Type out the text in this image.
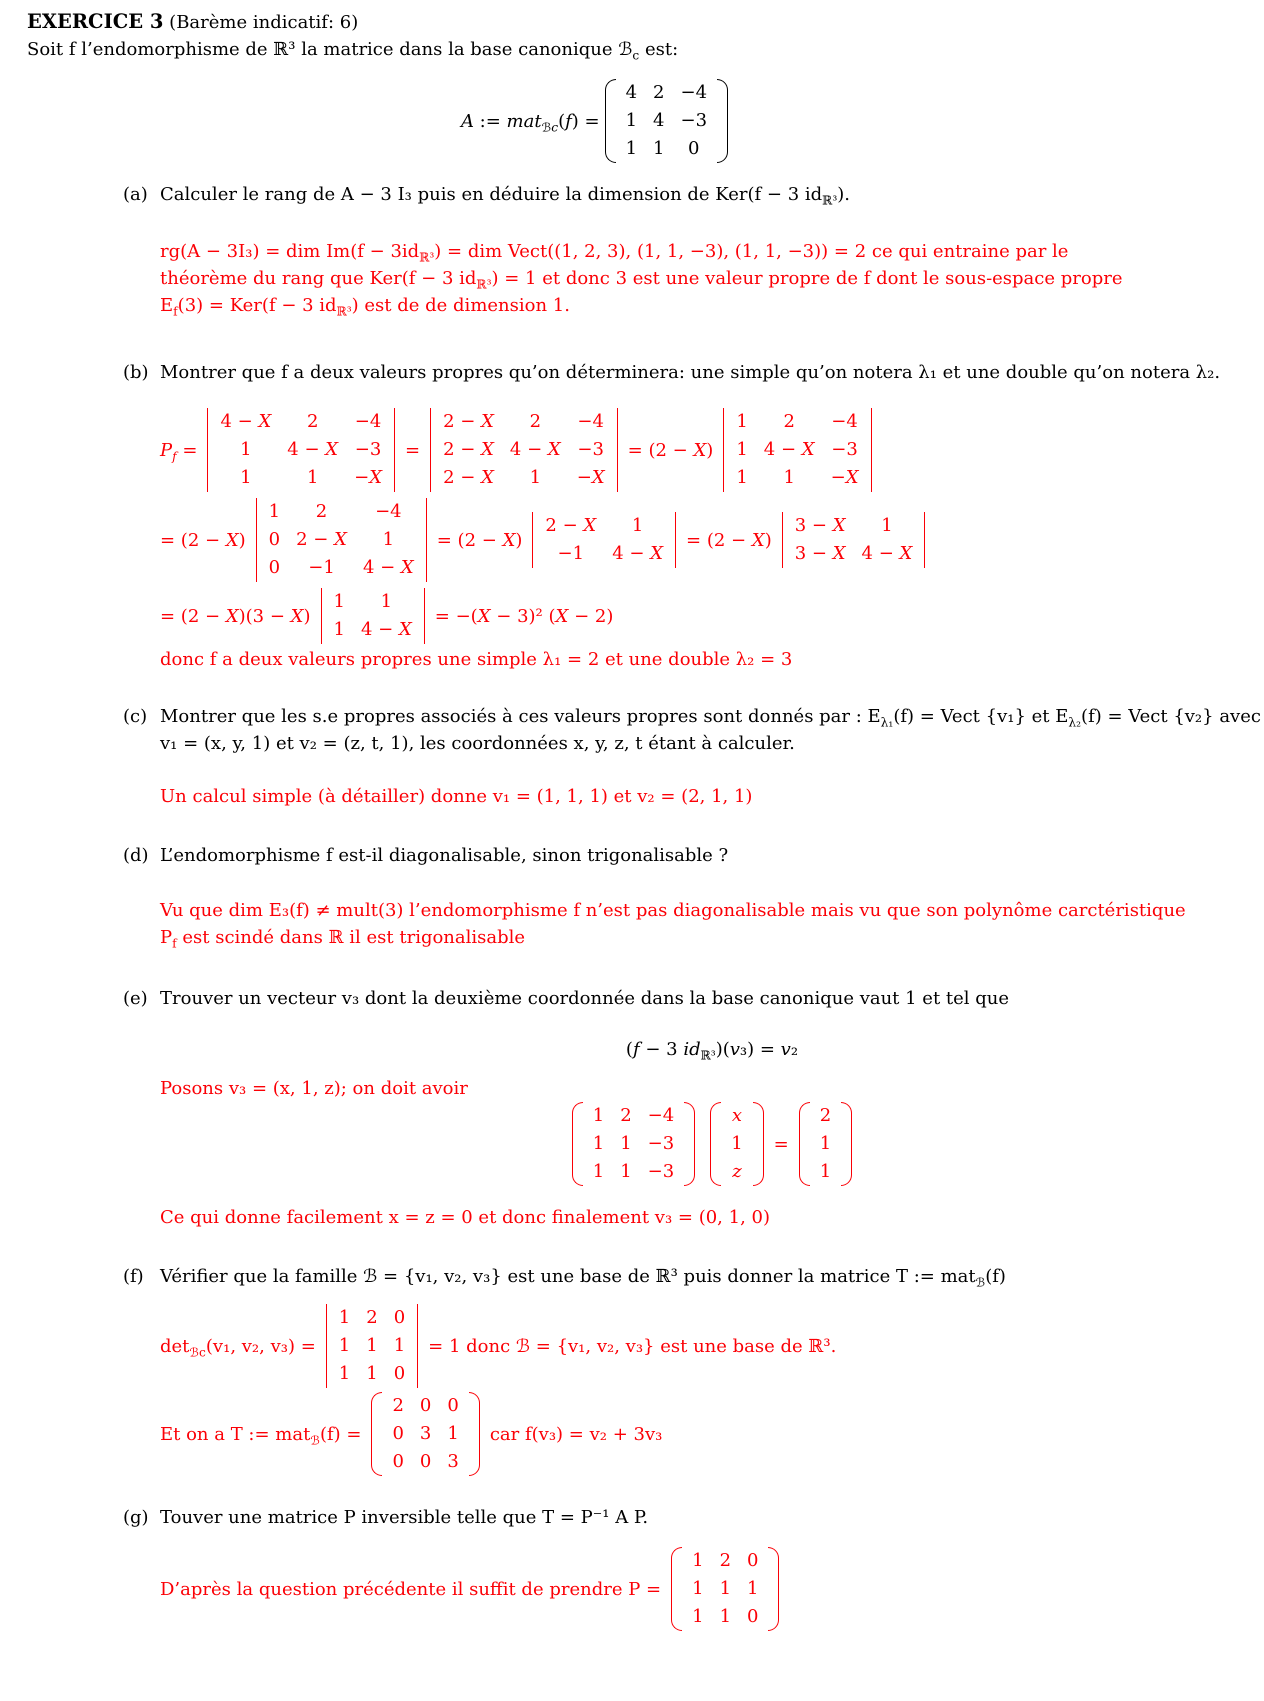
EXERCICE 3 (Barème indicatif: 6)
Soit f l’endomorphisme de ℝ³ la matrice dans la base canonique ℬ$_c$ est:
A := mat$_{ℬc}$(f) =
4	2	−4
1	4	−3
1	1	0
(a) Calculer le rang de A − 3 I₃ puis en déduire la dimension de Ker(f − 3 $id_{ℝ^3}$).
rg(A − 3I₃) = dim $Im(f - 3id_{ℝ^3})$ = dim Vect((1, 2, 3), (1, 1, −3), (1, 1, −3)) = 2 ce qui entraine par le théorème du rang que Ker(f − 3 $id_{ℝ^3}) = 1$ et donc 3 est une valeur propre de f dont le sous-espace propre $E_f(3) = Ker(f - 3$ $id_{ℝ^3}$) est de de dimension 1.
(b) Montrer que f a deux valeurs propres qu’on déterminera: une simple qu’on notera λ₁ et une double qu’on notera λ₂.
$P_f$ =
4 − X	2	−4
1	4 − X	−3
1	1	−X
=
2 − X	2	−4
2 − X	4 − X	−3
2 − X	1	−X
= (2 − X)
1	2	−4
1	4 − X	−3
1	1	−X
= (2 − X)
1	2	−4
0	2 − X	1
0	−1	4 − X
= (2 − X)
2 − X	1
−1	4 − X
= (2 − X)
3 − X	1
3 − X	4 − X
= (2 − X)(3 − X)
1	1
1	4 − X
= −(X − 3)² (X − 2)
donc f a deux valeurs propres une simple λ₁ = 2 et une double λ₂ = 3
(c) Montrer que les s.e propres associés à ces valeurs propres sont donnés par : $E_{\lambda_1}(f)$ = Vect {v₁} et $E_{\lambda_2}(f)$ = Vect {v₂} avec v₁ = (x, y, 1) et v₂ = (z, t, 1), les coordonnées x, y, z, t étant à calculer.
Un calcul simple (à détailler) donne v₁ = (1, 1, 1) et v₂ = (2, 1, 1)
(d) L’endomorphisme f est-il diagonalisable, sinon trigonalisable ?
Vu que dim E₃(f) ≠ mult(3) l’endomorphisme f n’est pas diagonalisable mais vu que son polynôme carctéristique
$P_f$ est scindé dans ℝ il est trigonalisable
(e) Trouver un vecteur v₃ dont la deuxième coordonnée dans la base canonique vaut 1 et tel que
(f − 3 $id_{ℝ^3})(v_3) = v_2$
Posons v₃ = (x, 1, z); on doit avoir
1	2	−4
1	1	−3
1	1	−3
x
1
z
=
2
1
1
Ce qui donne facilement x = z = 0 et donc finalement v₃ = (0, 1, 0)
(f) Vérifier que la famille ℬ = {v₁, v₂, v₃} est une base de ℝ³ puis donner la matrice T := mat$_ℬ$(f)
$\det_{ℬc}(v_1$, v₂, v₃) =
1	2	0
1	1	1
1	1	0
= 1 donc ℬ = {v₁, v₂, v₃} est une base de ℝ³.
Et on a T := mat$_ℬ$(f) =
2	0	0
0	3	1
0	0	3
car f(v₃) = v₂ + 3v₃
(g) Touver une matrice P inversible telle que T = P⁻¹ A P.
D’après la question précédente il suffit de prendre P =
1	2	0
1	1	1
1	1	0
